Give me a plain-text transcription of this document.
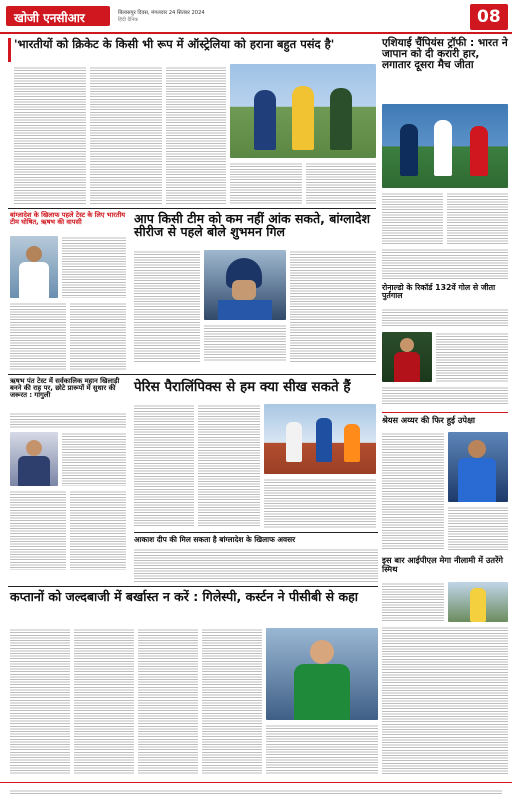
खोजी एनसीआर	बिलासपुर दिवस, मंगलवार 24 सितंबर 2024
हिंदी दैनिक	08
'भारतीयों को क्रिकेट के किसी भी रूप में ऑस्ट्रेलिया को हराना बहुत पसंद है'	एशियाई चैंपियंस ट्रॉफी : भारत ने जापान को दी करारी हार, लगातार दूसरा मैच जीता
बांग्लादेश के खिलाफ पहले टेस्ट के लिए भारतीय टीम घोषित, ऋषभ की वापसी	आप किसी टीम को कम नहीं आंक सकते, बांग्लादेश सीरीज से पहले बोले शुभमन गिल
रोनाल्डो के रिकॉर्ड 132वें गोल से जीता पुर्तगाल
ऋषभ पंत टेस्ट में सर्वकालिक महान खिलाड़ी बनने की राह पर, छोटे प्रारूपों में सुधार की जरूरत : गांगुली
पेरिस पैरालिंपिक्स से हम क्या सीख सकते हैं
श्रेयस अय्यर की फिर हुई उपेक्षा
आकाश दीप की मिल सकता है बांग्लादेश के खिलाफ अवसर
इस बार आईपीएल मेगा नीलामी में उतरेंगे स्मिथ
कप्तानों को जल्दबाजी में बर्खास्त न करें : गिलेस्पी, कर्स्टन ने पीसीबी से कहा
